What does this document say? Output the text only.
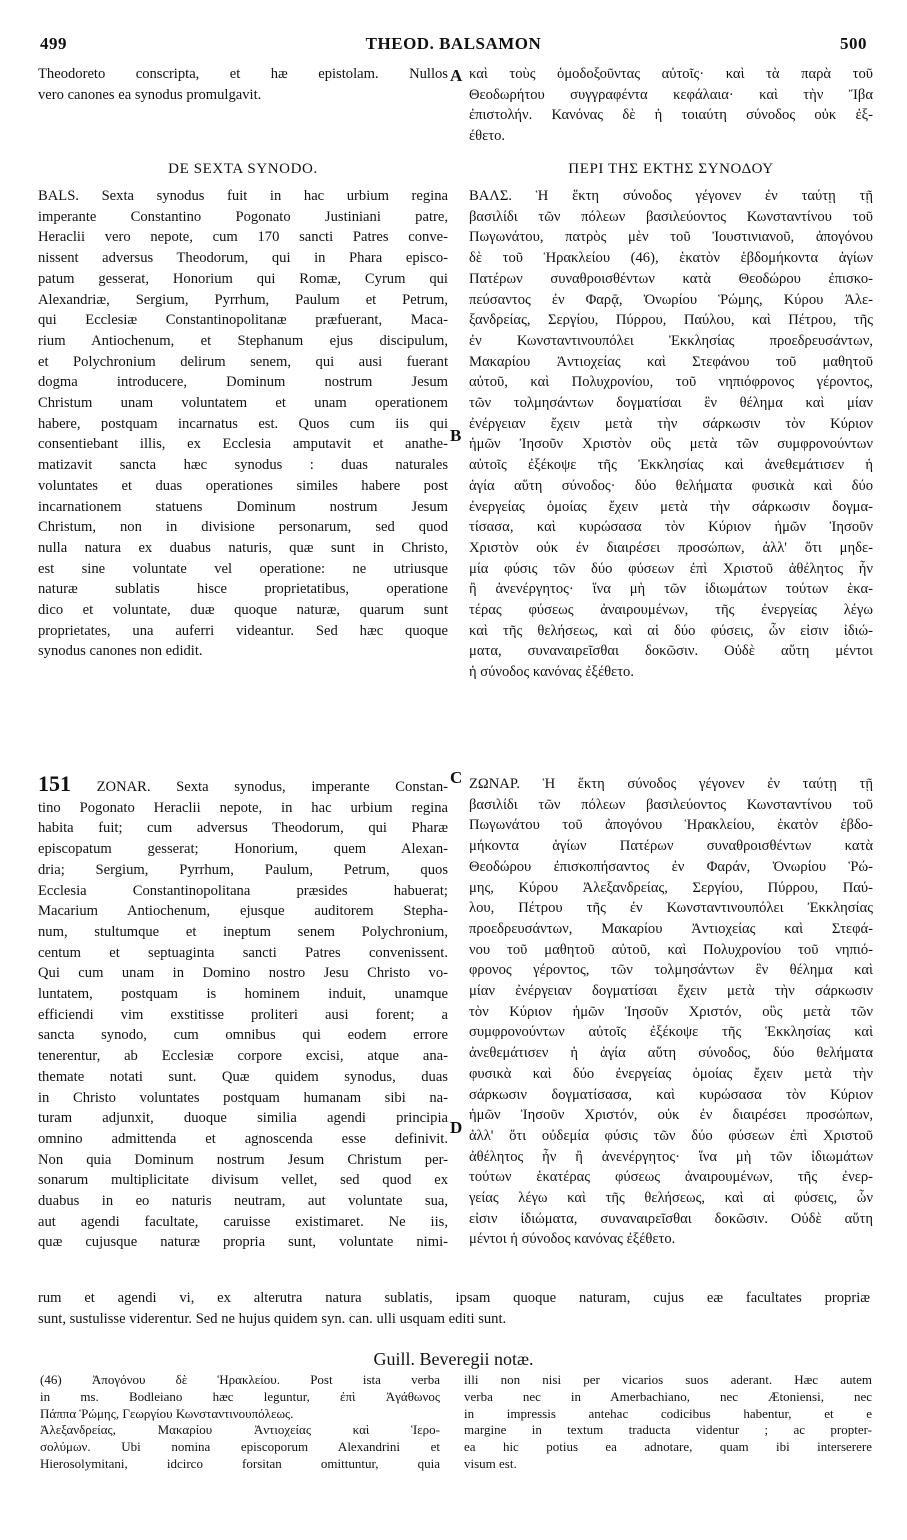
499	THEOD. BALSAMON	500
A
B
C
D
Theodoreto conscripta, et hæ epistolam. Nullos
vero canones ea synodus promulgavit.
καὶ τοὺς ὁμοδοξοῦντας αὐτοῖς· καὶ τὰ παρὰ τοῦ
Θεοδωρήτου συγγραφέντα κεφάλαια· καὶ τὴν Ἴβα
ἐπιστολήν. Κανόνας δὲ ἡ τοιαύτη σύνοδος οὐκ ἐξ-
έθετο.
DE SEXTA SYNODO.	ΠΕΡΙ ΤΗΣ ΕΚΤΗΣ ΣΥΝΟΔΟΥ
BALS. Sexta synodus fuit in hac urbium regina
imperante Constantino Pogonato Justiniani patre,
Heraclii vero nepote, cum 170 sancti Patres conve-
nissent adversus Theodorum, qui in Phara episco-
patum gesserat, Honorium qui Romæ, Cyrum qui
Alexandriæ, Sergium, Pyrrhum, Paulum et Petrum,
qui Ecclesiæ Constantinopolitanæ præfuerant, Maca-
rium Antiochenum, et Stephanum ejus discipulum,
et Polychronium delirum senem, qui ausi fuerant
dogma introducere, Dominum nostrum Jesum
Christum unam voluntatem et unam operationem
habere, postquam incarnatus est. Quos cum iis qui
consentiebant illis, ex Ecclesia amputavit et anathe-
matizavit sancta hæc synodus : duas naturales
voluntates et duas operationes similes habere post
incarnationem statuens Dominum nostrum Jesum
Christum, non in divisione personarum, sed quod
nulla natura ex duabus naturis, quæ sunt in Christo,
est sine voluntate vel operatione: ne utriusque
naturæ sublatis hisce proprietatibus, operatione
dico et voluntate, duæ quoque naturæ, quarum sunt
proprietates, una auferri videantur. Sed hæc quoque
synodus canones non edidit.
ΒΑΛΣ. Ἡ ἕκτη σύνοδος γέγονεν ἐν ταύτῃ τῇ
βασιλίδι τῶν πόλεων βασιλεύοντος Κωνσταντίνου τοῦ
Πωγωνάτου, πατρὸς μὲν τοῦ Ἰουστινιανοῦ, ἀπογόνου
δὲ τοῦ Ἡρακλείου (46), ἑκατὸν ἑβδομήκοντα ἁγίων
Πατέρων συναθροισθέντων κατὰ Θεοδώρου ἐπισκο-
πεύσαντος ἐν Φαρᾷ, Ὀνωρίου Ῥώμης, Κύρου Ἀλε-
ξανδρείας, Σεργίου, Πύρρου, Παύλου, καὶ Πέτρου, τῆς
ἐν Κωνσταντινουπόλει Ἐκκλησίας προεδρευσάντων,
Μακαρίου Ἀντιοχείας καὶ Στεφάνου τοῦ μαθητοῦ
αὐτοῦ, καὶ Πολυχρονίου, τοῦ νηπιόφρονος γέροντος,
τῶν τολμησάντων δογματίσαι ἓν θέλημα καὶ μίαν
ἐνέργειαν ἔχειν μετὰ τὴν σάρκωσιν τὸν Κύριον
ἡμῶν Ἰησοῦν Χριστὸν οὓς μετὰ τῶν συμφρονούντων
αὐτοῖς ἐξέκοψε τῆς Ἐκκλησίας καὶ ἀνεθεμάτισεν ἡ
ἁγία αὕτη σύνοδος· δύο θελήματα φυσικὰ καὶ δύο
ἐνεργείας ὁμοίας ἔχειν μετὰ τὴν σάρκωσιν δογμα-
τίσασα, καὶ κυρώσασα τὸν Κύριον ἡμῶν Ἰησοῦν
Χριστὸν οὐκ ἐν διαιρέσει προσώπων, ἀλλ' ὅτι μηδε-
μία φύσις τῶν δύο φύσεων ἐπὶ Χριστοῦ ἀθέλητος ἦν
ἢ ἀνενέργητος· ἵνα μὴ τῶν ἰδιωμάτων τούτων ἑκα-
τέρας φύσεως ἀναιρουμένων, τῆς ἐνεργείας λέγω
καὶ τῆς θελήσεως, καὶ αἱ δύο φύσεις, ὧν εἰσιν ἰδιώ-
ματα, συναναιρεῖσθαι δοκῶσιν. Οὐδὲ αὕτη μέντοι
ἡ σύνοδος κανόνας ἐξέθετο.
151 ZONAR. Sexta synodus, imperante Constan-
tino Pogonato Heraclii nepote, in hac urbium regina
habita fuit; cum adversus Theodorum, qui Pharæ
episcopatum gesserat; Honorium, quem Alexan-
dria; Sergium, Pyrrhum, Paulum, Petrum, quos
Ecclesia Constantinopolitana præsides habuerat;
Macarium Antiochenum, ejusque auditorem Stepha-
num, stultumque et ineptum senem Polychronium,
centum et septuaginta sancti Patres convenissent.
Qui cum unam in Domino nostro Jesu Christo vo-
luntatem, postquam is hominem induit, unamque
efficiendi vim exstitisse proliteri ausi forent; a
sancta synodo, cum omnibus qui eodem errore
tenerentur, ab Ecclesiæ corpore excisi, atque ana-
themate notati sunt. Quæ quidem synodus, duas
in Christo voluntates postquam humanam sibi na-
turam adjunxit, duoque similia agendi principia
omnino admittenda et agnoscenda esse definivit.
Non quia Dominum nostrum Jesum Christum per-
sonarum multiplicitate divisum vellet, sed quod ex
duabus in eo naturis neutram, aut voluntate sua,
aut agendi facultate, caruisse existimaret. Ne iis,
quæ cujusque naturæ propria sunt, voluntate nimi-
ΖΩΝΑΡ. Ἡ ἕκτη σύνοδος γέγονεν ἐν ταύτῃ τῇ
βασιλίδι τῶν πόλεων βασιλεύοντος Κωνσταντίνου τοῦ
Πωγωνάτου τοῦ ἀπογόνου Ἡρακλείου, ἑκατὸν ἑβδο-
μήκοντα ἁγίων Πατέρων συναθροισθέντων κατὰ
Θεοδώρου ἐπισκοπήσαντος ἐν Φαράν, Ὀνωρίου Ῥώ-
μης, Κύρου Ἀλεξανδρείας, Σεργίου, Πύρρου, Παύ-
λου, Πέτρου τῆς ἐν Κωνσταντινουπόλει Ἐκκλησίας
προεδρευσάντων, Μακαρίου Ἀντιοχείας καὶ Στεφά-
νου τοῦ μαθητοῦ αὐτοῦ, καὶ Πολυχρονίου τοῦ νηπιό-
φρονος γέροντος, τῶν τολμησάντων ἓν θέλημα καὶ
μίαν ἐνέργειαν δογματίσαι ἔχειν μετὰ τὴν σάρκωσιν
τὸν Κύριον ἡμῶν Ἰησοῦν Χριστόν, οὓς μετὰ τῶν
συμφρονούντων αὐτοῖς ἐξέκοψε τῆς Ἐκκλησίας καὶ
ἀνεθεμάτισεν ἡ ἁγία αὕτη σύνοδος, δύο θελήματα
φυσικὰ καὶ δύο ἐνεργείας ὁμοίας ἔχειν μετὰ τὴν
σάρκωσιν δογματίσασα, καὶ κυρώσασα τὸν Κύριον
ἡμῶν Ἰησοῦν Χριστόν, οὐκ ἐν διαιρέσει προσώπων,
ἀλλ' ὅτι οὐδεμία φύσις τῶν δύο φύσεων ἐπὶ Χριστοῦ
ἀθέλητος ἦν ἢ ἀνενέργητος· ἵνα μὴ τῶν ἰδιωμάτων
τούτων ἑκατέρας φύσεως ἀναιρουμένων, τῆς ἐνερ-
γείας λέγω καὶ τῆς θελήσεως, καὶ αἱ φύσεις, ὧν
εἰσιν ἰδιώματα, συναναιρεῖσθαι δοκῶσιν. Οὐδὲ αὕτη
μέντοι ἡ σύνοδος κανόνας ἐξέθετο.
rum et agendi vi, ex alterutra natura sublatis, ipsam quoque naturam, cujus eæ facultates propriæ
sunt, sustulisse viderentur. Sed ne hujus quidem syn. can. ulli usquam editi sunt.
Guill. Beveregii notæ.
(46) Ἀπογόνου δὲ Ἡρακλείου. Post ista verba
in ms. Bodleiano hæc leguntur, ἐπὶ Ἀγάθωνος
Πάππα Ῥώμης, Γεωργίου Κωνσταντινουπόλεως.
Ἀλεξανδρείας, Μακαρίου Ἀντιοχείας καὶ Ἱερο-
σολύμων. Ubi nomina episcoporum Alexandrini et
Hierosolymitani, idcirco forsitan omittuntur, quia
illi non nisi per vicarios suos aderant. Hæc autem
verba nec in Amerbachiano, nec Ætoniensi, nec
in impressis antehac codicibus habentur, et e
margine in textum traducta videntur ; ac propter-
ea hic potius ea adnotare, quam ibi interserere
visum est.
